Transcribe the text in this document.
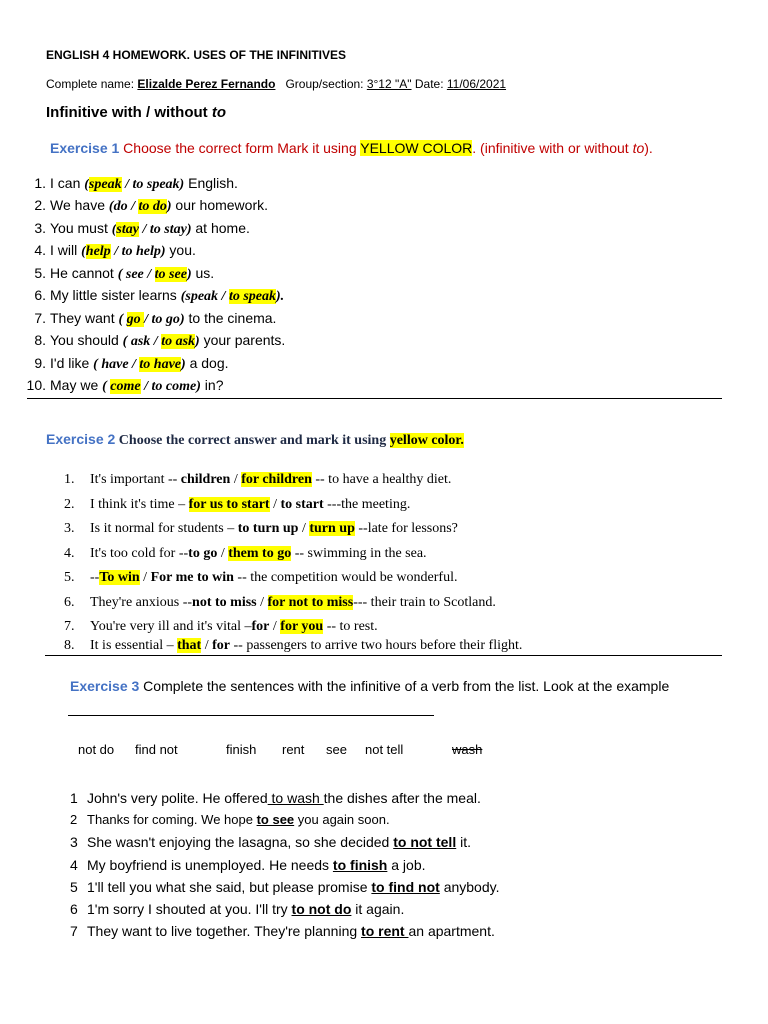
ENGLISH 4 HOMEWORK. USES OF THE INFINITIVES
Complete name: Elizalde Perez Fernando Group/section: 3°12 "A" Date: 11/06/2021
Infinitive with / without to
Exercise 1 Choose the correct form Mark it using YELLOW COLOR. (infinitive with or without to).
1. I can (speak / to speak) English.
2. We have (do / to do) our homework.
3. You must (stay / to stay) at home.
4. I will (help / to help) you.
5. He cannot ( see / to see) us.
6. My little sister learns (speak / to speak).
7. They want ( go / to go) to the cinema.
8. You should ( ask / to ask) your parents.
9. I'd like ( have / to have) a dog.
10. May we ( come / to come) in?
Exercise 2 Choose the correct answer and mark it using yellow color.
1. It's important -- children / for children -- to have a healthy diet.
2. I think it's time – for us to start / to start ---the meeting.
3. Is it normal for students – to turn up / turn up --late for lessons?
4. It's too cold for --to go / them to go -- swimming in the sea.
5. --To win / For me to win -- the competition would be wonderful.
6. They're anxious --not to miss / for not to miss--- their train to Scotland.
7. You're very ill and it's vital –for / for you -- to rest.
8. It is essential – that / for -- passengers to arrive two hours before their flight.
Exercise 3 Complete the sentences with the infinitive of a verb from the list. Look at the example
not do find not	finish rent see not tell	wash
1 John's very polite. He offered to wash the dishes after the meal.
2 Thanks for coming. We hope to see you again soon.
3 She wasn't enjoying the lasagna, so she decided to not tell it.
4 My boyfriend is unemployed. He needs to finish a job.
5 1'll tell you what she said, but please promise to find not anybody.
6 1'm sorry I shouted at you. I'll try to not do it again.
7 They want to live together. They're planning to rent an apartment.
